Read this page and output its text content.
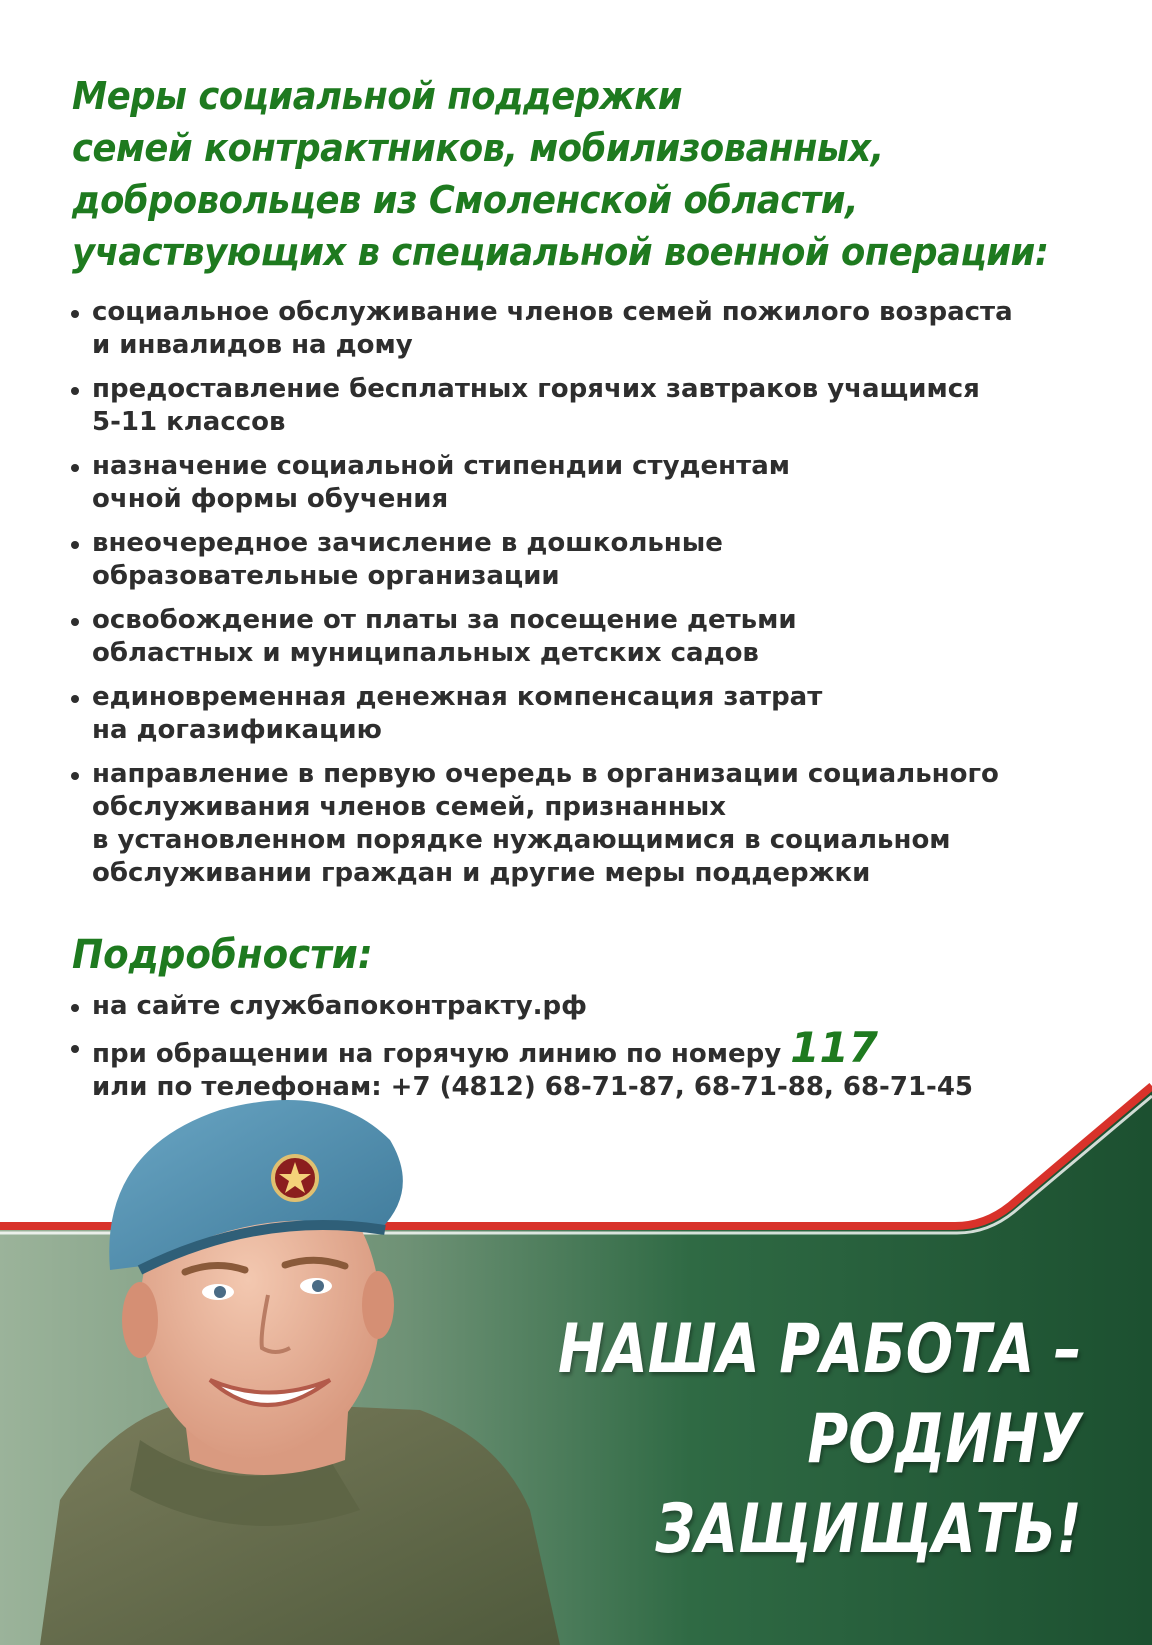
Меры социальной поддержки
семей контрактников, мобилизованных,
добровольцев из Смоленской области,
участвующих в специальной военной операции:
социальное обслуживание членов семей пожилого возраста
и инвалидов на дому
предоставление бесплатных горячих завтраков учащимся
5-11 классов
назначение социальной стипендии студентам
очной формы обучения
внеочередное зачисление в дошкольные
образовательные организации
освобождение от платы за посещение детьми
областных и муниципальных детских садов
единовременная денежная компенсация затрат
на догазификацию
направление в первую очередь в организации социального
обслуживания членов семей, признанных
в установленном порядке нуждающимися в социальном
обслуживании граждан и другие меры поддержки
Подробности:
на сайте службапоконтракту.рф
при обращении на горячую линию по номеру 117
или по телефонам: +7 (4812) 68-71-87, 68-71-88, 68-71-45
НАША РАБОТА –
РОДИНУ
ЗАЩИЩАТЬ!
